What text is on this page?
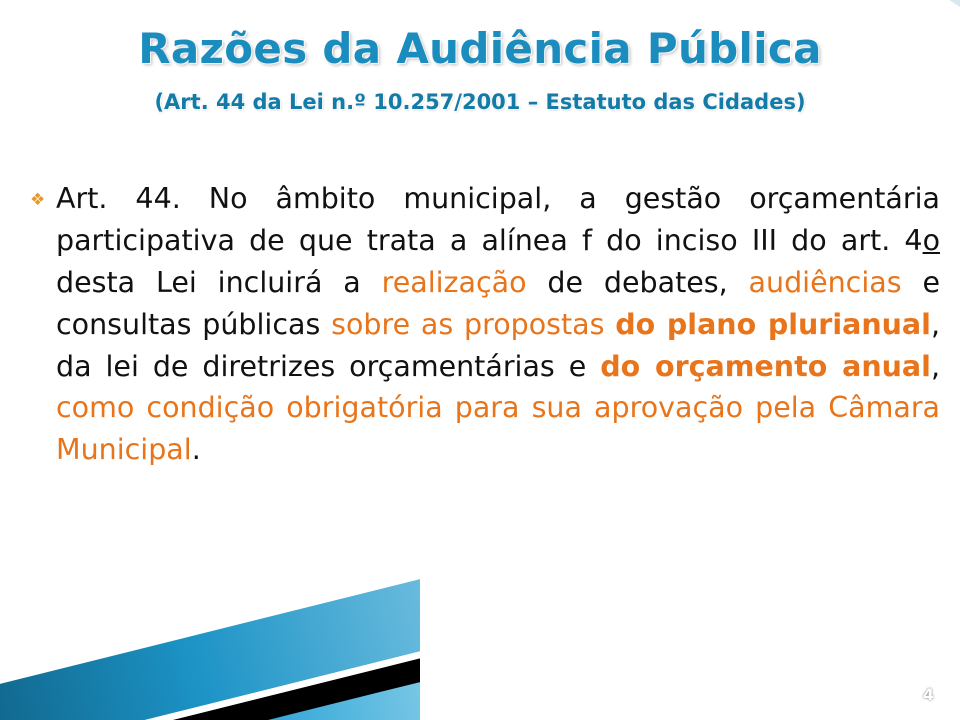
Razões da Audiência Pública
(Art. 44 da Lei n.º 10.257/2001 – Estatuto das Cidades)
❖ Art. 44. No âmbito municipal, a gestão orçamentária participativa de que trata a alínea f do inciso III do art. 4o desta Lei incluirá a realização de debates, audiências e consultas públicas sobre as propostas do plano plurianual, da lei de diretrizes orçamentárias e do orçamento anual, como condição obrigatória para sua aprovação pela Câmara Municipal.
4
